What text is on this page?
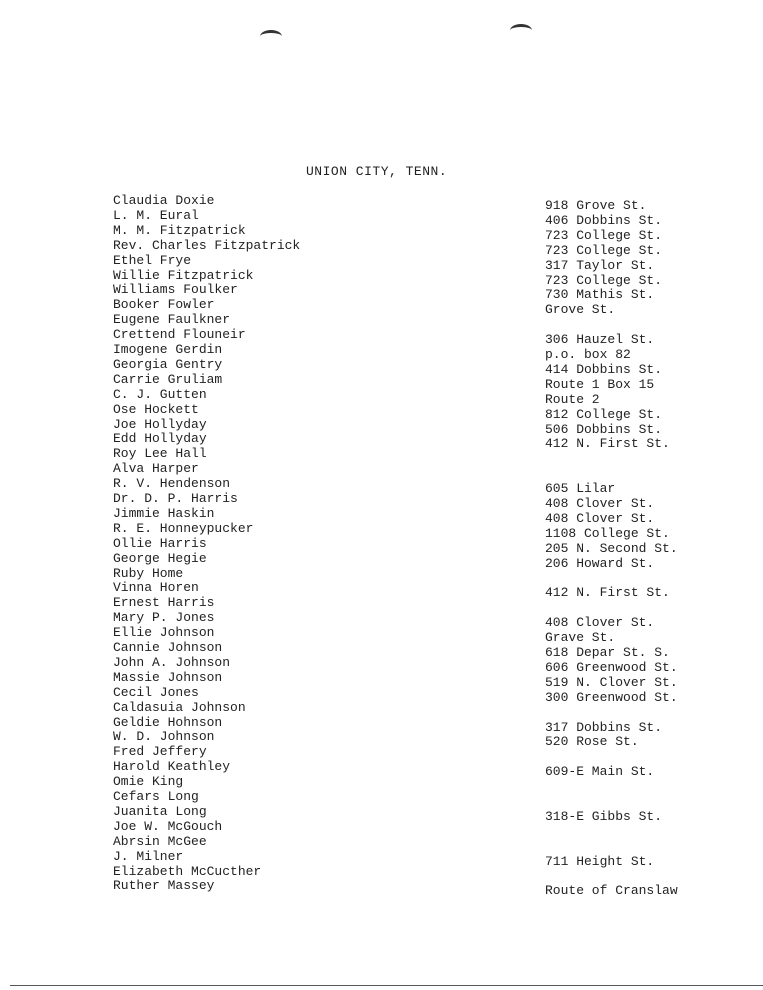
UNION CITY, TENN.
Claudia Doxie
L. M. Eural
M. M. Fitzpatrick
Rev. Charles Fitzpatrick
Ethel Frye
Willie Fitzpatrick
Williams Foulker
Booker Fowler
Eugene Faulkner
Crettend Flouneir
Imogene Gerdin
Georgia Gentry
Carrie Gruliam
C. J. Gutten
Ose Hockett
Joe Hollyday
Edd Hollyday
Roy Lee Hall
Alva Harper
R. V. Hendenson
Dr. D. P. Harris
Jimmie Haskin
R. E. Honneypucker
Ollie Harris
George Hegie
Ruby Home
Vinna Horen
Ernest Harris
Mary P. Jones
Ellie Johnson
Cannie Johnson
John A. Johnson
Massie Johnson
Cecil Jones
Caldasuia Johnson
Geldie Hohnson
W. D. Johnson
Fred Jeffery
Harold Keathley
Omie King
Cefars Long
Juanita Long
Joe W. McGouch
Abrsin McGee
J. Milner
Elizabeth McCucther
Ruther Massey
918 Grove St.
406 Dobbins St.
723 College St.
723 College St.
317 Taylor St.
723 College St.
730 Mathis St.
Grove St.
306 Hauzel St.
p.o. box 82
414 Dobbins St.
Route 1 Box 15
Route 2
812 College St.
506 Dobbins St.
412 N. First St.
605 Lilar
408 Clover St.
408 Clover St.
1108 College St.
205 N. Second St.
206 Howard St.
412 N. First St.
408 Clover St.
Grave St.
618 Depar St. S.
606 Greenwood St.
519 N. Clover St.
300 Greenwood St.
317 Dobbins St.
520 Rose St.
609-E Main St.
318-E Gibbs St.
711 Height St.
Route of Cranslaw
